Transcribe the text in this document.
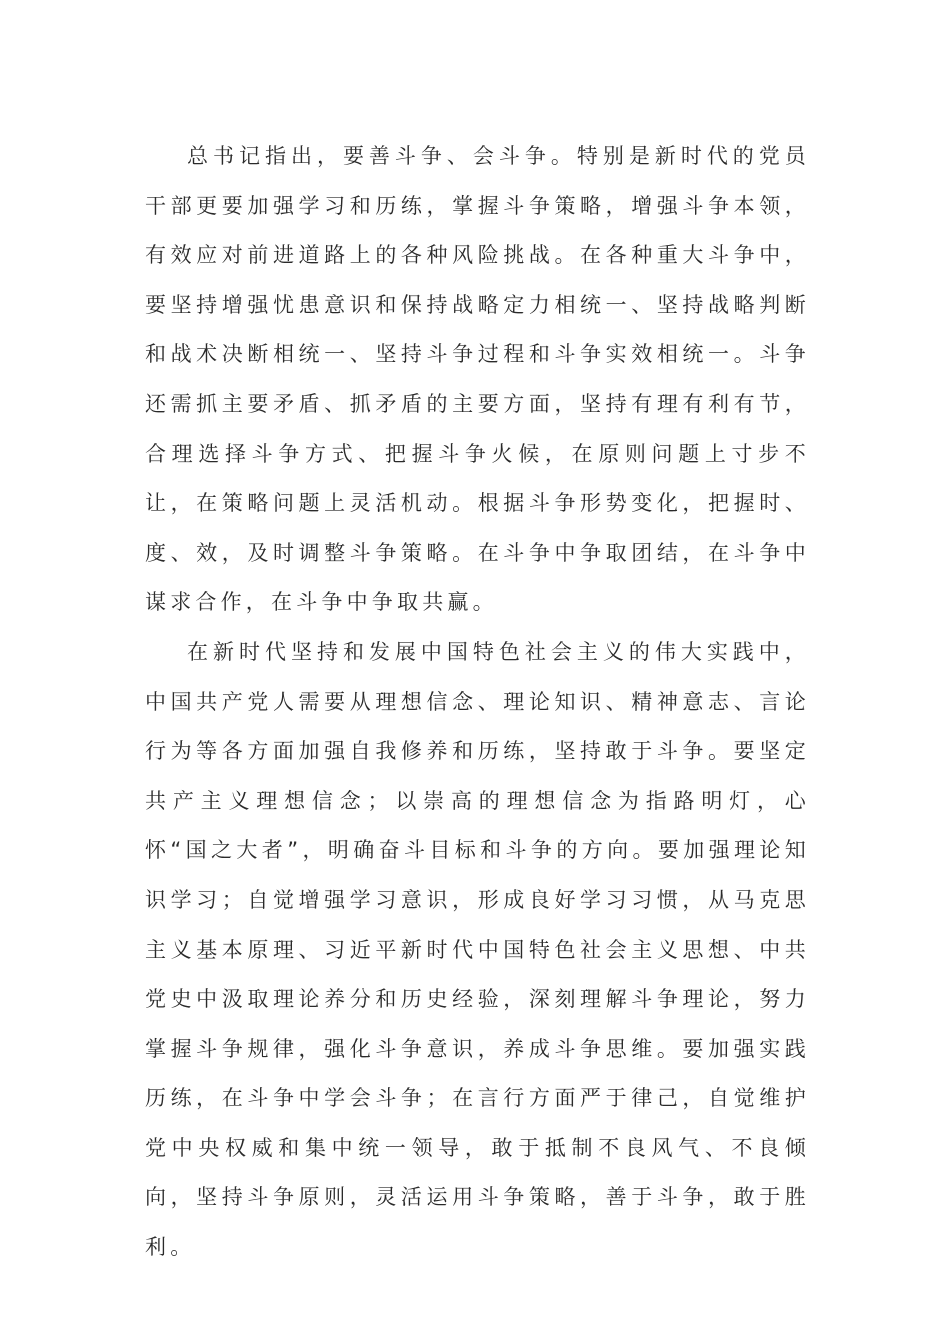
总书记指出，要善斗争、会斗争。特别是新时代的党员干部更要加强学习和历练，掌握斗争策略，增强斗争本领，有效应对前进道路上的各种风险挑战。在各种重大斗争中，要坚持增强忧患意识和保持战略定力相统一、坚持战略判断和战术决断相统一、坚持斗争过程和斗争实效相统一。斗争还需抓主要矛盾、抓矛盾的主要方面，坚持有理有利有节，合理选择斗争方式、把握斗争火候，在原则问题上寸步不让，在策略问题上灵活机动。根据斗争形势变化，把握时、度、效，及时调整斗争策略。在斗争中争取团结，在斗争中谋求合作，在斗争中争取共赢。

在新时代坚持和发展中国特色社会主义的伟大实践中，中国共产党人需要从理想信念、理论知识、精神意志、言论行为等各方面加强自我修养和历练，坚持敢于斗争。要坚定共产主义理想信念；以崇高的理想信念为指路明灯，心怀“国之大者”，明确奋斗目标和斗争的方向。要加强理论知识学习；自觉增强学习意识，形成良好学习习惯，从马克思主义基本原理、习近平新时代中国特色社会主义思想、中共党史中汲取理论养分和历史经验，深刻理解斗争理论，努力掌握斗争规律，强化斗争意识，养成斗争思维。要加强实践历练，在斗争中学会斗争；在言行方面严于律己，自觉维护党中央权威和集中统一领导，敢于抵制不良风气、不良倾向，坚持斗争原则，灵活运用斗争策略，善于斗争，敢于胜利。
